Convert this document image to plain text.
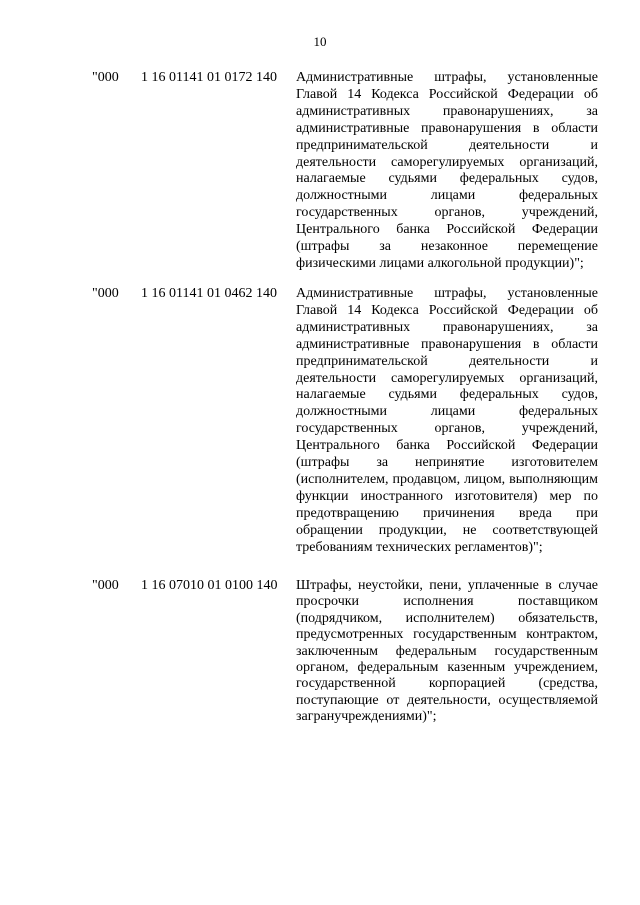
10
"000 1 16 01141 01 0172 140 Административные штрафы, установленные Главой 14 Кодекса Российской Федерации об административных правонарушениях, за административные правонарушения в области предпринимательской деятельности и деятельности саморегулируемых организаций, налагаемые судьями федеральных судов, должностными лицами федеральных государственных органов, учреждений, Центрального банка Российской Федерации (штрафы за незаконное перемещение физическими лицами алкогольной продукции)";

"000 1 16 01141 01 0462 140 Административные штрафы, установленные Главой 14 Кодекса Российской Федерации об административных правонарушениях, за административные правонарушения в области предпринимательской деятельности и деятельности саморегулируемых организаций, налагаемые судьями федеральных судов, должностными лицами федеральных государственных органов, учреждений, Центрального банка Российской Федерации (штрафы за непринятие изготовителем (исполнителем, продавцом, лицом, выполняющим функции иностранного изготовителя) мер по предотвращению причинения вреда при обращении продукции, не соответствующей требованиям технических регламентов)";

"000 1 16 07010 01 0100 140 Штрафы, неустойки, пени, уплаченные в случае просрочки исполнения поставщиком (подрядчиком, исполнителем) обязательств, предусмотренных государственным контрактом, заключенным федеральным государственным органом, федеральным казенным учреждением, государственной корпорацией (средства, поступающие от деятельности, осуществляемой загранучреждениями)";
